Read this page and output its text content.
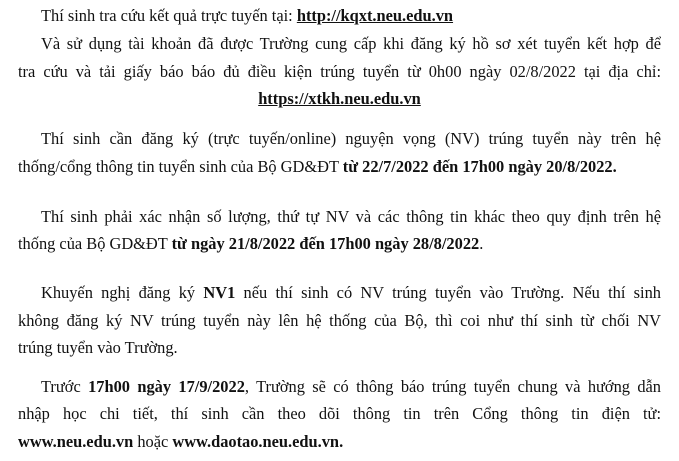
Thí sinh tra cứu kết quả trực tuyến tại: http://kqxt.neu.edu.vn
Và sử dụng tài khoản đã được Trường cung cấp khi đăng ký hồ sơ xét tuyển kết hợp để
tra cứu và tải giấy báo báo đủ điều kiện trúng tuyển từ 0h00 ngày 02/8/2022 tại địa chỉ:
https://xtkh.neu.edu.vn
Thí sinh cần đăng ký (trực tuyến/online) nguyện vọng (NV) trúng tuyển này trên hệ
thống/cổng thông tin tuyển sinh của Bộ GD&ĐT từ 22/7/2022 đến 17h00 ngày 20/8/2022.
Thí sinh phải xác nhận số lượng, thứ tự NV và các thông tin khác theo quy định trên hệ
thống của Bộ GD&ĐT từ ngày 21/8/2022 đến 17h00 ngày 28/8/2022.
Khuyến nghị đăng ký NV1 nếu thí sinh có NV trúng tuyển vào Trường. Nếu thí sinh
không đăng ký NV trúng tuyển này lên hệ thống của Bộ, thì coi như thí sinh từ chối NV
trúng tuyển vào Trường.
Trước 17h00 ngày 17/9/2022, Trường sẽ có thông báo trúng tuyển chung và hướng dẫn
nhập học chi tiết, thí sinh cần theo dõi thông tin trên Cổng thông tin điện tử:
www.neu.edu.vn hoặc www.daotao.neu.edu.vn.
